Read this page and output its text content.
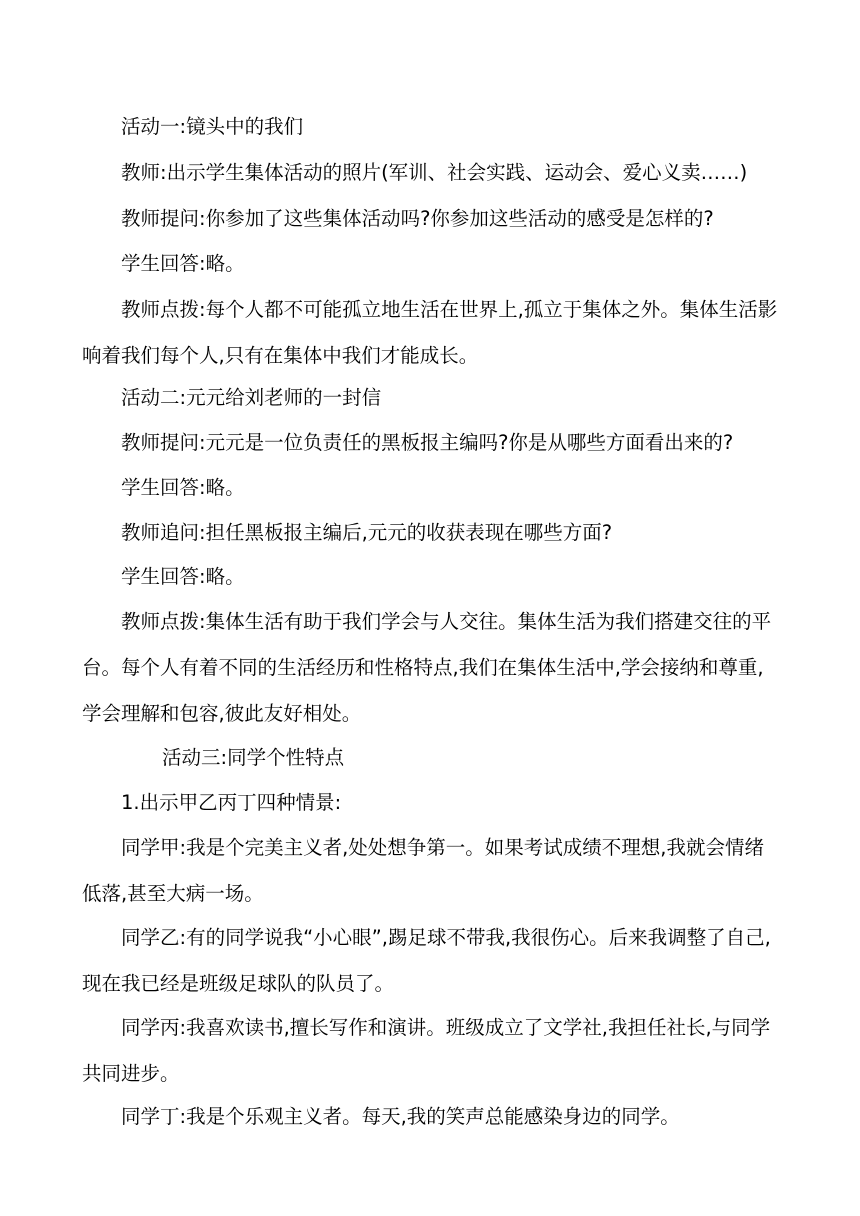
活动一:镜头中的我们

教师:出示学生集体活动的照片(军训、社会实践、运动会、爱心义卖……)

教师提问:你参加了这些集体活动吗?你参加这些活动的感受是怎样的?

学生回答:略。

教师点拨:每个人都不可能孤立地生活在世界上,孤立于集体之外。集体生活影响着我们每个人,只有在集体中我们才能成长。

活动二:元元给刘老师的一封信

教师提问:元元是一位负责任的黑板报主编吗?你是从哪些方面看出来的?

学生回答:略。

教师追问:担任黑板报主编后,元元的收获表现在哪些方面?

学生回答:略。

教师点拨:集体生活有助于我们学会与人交往。集体生活为我们搭建交往的平台。每个人有着不同的生活经历和性格特点,我们在集体生活中,学会接纳和尊重,学会理解和包容,彼此友好相处。

活动三:同学个性特点

1.出示甲乙丙丁四种情景:

同学甲:我是个完美主义者,处处想争第一。如果考试成绩不理想,我就会情绪低落,甚至大病一场。

同学乙:有的同学说我“小心眼”,踢足球不带我,我很伤心。后来我调整了自己,现在我已经是班级足球队的队员了。

同学丙:我喜欢读书,擅长写作和演讲。班级成立了文学社,我担任社长,与同学共同进步。

同学丁:我是个乐观主义者。每天,我的笑声总能感染身边的同学。
